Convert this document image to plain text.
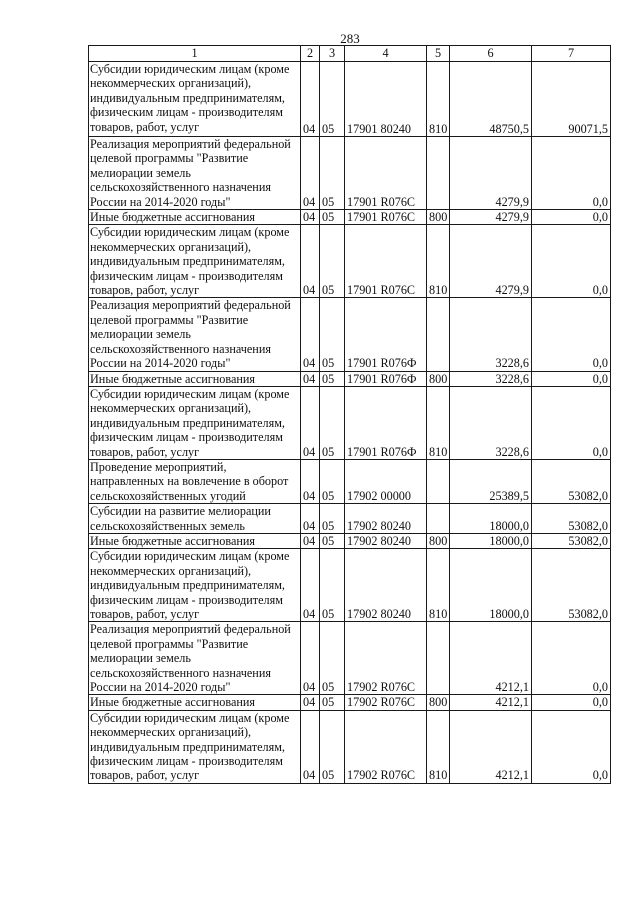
283
1	2	3	4	5	6	7
Субсидии юридическим лицам (кроме некоммерческих организаций), индивидуальным предпринимателям, физическим лицам - производителям товаров, работ, услуг	04	05	17901 80240	810	48750,5	90071,5
Реализация мероприятий федеральной целевой программы "Развитие мелиорации земель сельскохозяйственного назначения России на 2014-2020 годы"	04	05	17901 R076C		4279,9	0,0
Иные бюджетные ассигнования	04	05	17901 R076C	800	4279,9	0,0
Субсидии юридическим лицам (кроме некоммерческих организаций), индивидуальным предпринимателям, физическим лицам - производителям товаров, работ, услуг	04	05	17901 R076C	810	4279,9	0,0
Реализация мероприятий федеральной целевой программы "Развитие мелиорации земель сельскохозяйственного назначения России на 2014-2020 годы"	04	05	17901 R076Ф		3228,6	0,0
Иные бюджетные ассигнования	04	05	17901 R076Ф	800	3228,6	0,0
Субсидии юридическим лицам (кроме некоммерческих организаций), индивидуальным предпринимателям, физическим лицам - производителям товаров, работ, услуг	04	05	17901 R076Ф	810	3228,6	0,0
Проведение мероприятий, направленных на вовлечение в оборот сельскохозяйственных угодий	04	05	17902 00000		25389,5	53082,0
Субсидии на развитие мелиорации сельскохозяйственных земель	04	05	17902 80240		18000,0	53082,0
Иные бюджетные ассигнования	04	05	17902 80240	800	18000,0	53082,0
Субсидии юридическим лицам (кроме некоммерческих организаций), индивидуальным предпринимателям, физическим лицам - производителям товаров, работ, услуг	04	05	17902 80240	810	18000,0	53082,0
Реализация мероприятий федеральной целевой программы "Развитие мелиорации земель сельскохозяйственного назначения России на 2014-2020 годы"	04	05	17902 R076C		4212,1	0,0
Иные бюджетные ассигнования	04	05	17902 R076C	800	4212,1	0,0
Субсидии юридическим лицам (кроме некоммерческих организаций), индивидуальным предпринимателям, физическим лицам - производителям товаров, работ, услуг	04	05	17902 R076C	810	4212,1	0,0
